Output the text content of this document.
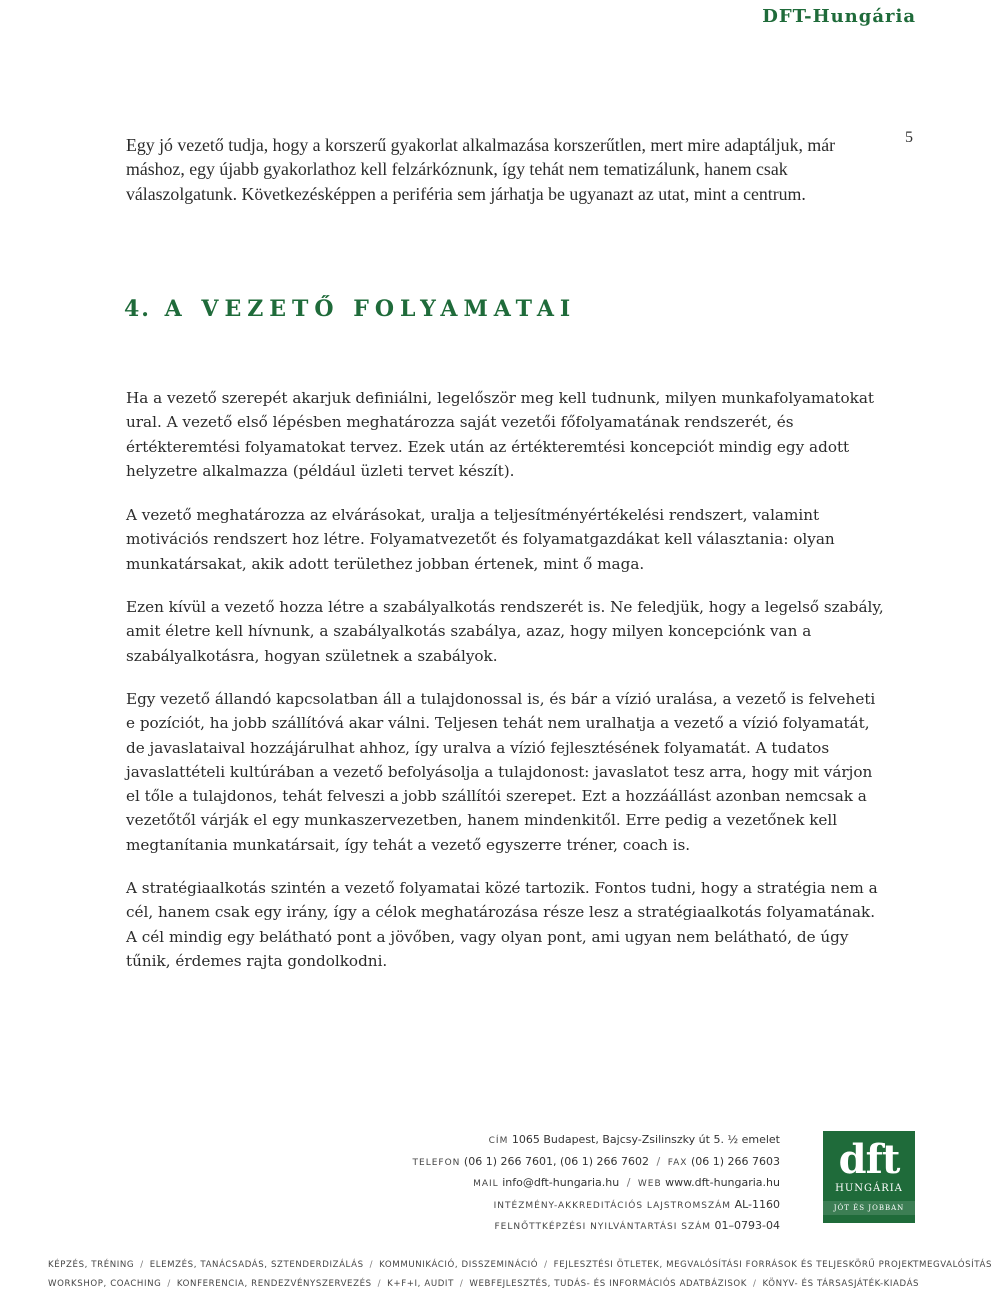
DFT-Hungária
5

Egy jó vezető tudja, hogy a korszerű gyakorlat alkalmazása korszerűtlen, mert mire adaptáljuk, már máshoz, egy újabb gyakorlathoz kell felzárkóznunk, így tehát nem tematizálunk, hanem csak válaszolgatunk. Következésképpen a periféria sem járhatja be ugyanazt az utat, mint a centrum.

4. A VEZETŐ FOLYAMATAI

Ha a vezető szerepét akarjuk definiálni, legelőször meg kell tudnunk, milyen munkafolyamatokat ural. A vezető első lépésben meghatározza saját vezetői főfolyamatának rendszerét, és értékteremtési folyamatokat tervez. Ezek után az értékteremtési koncepciót mindig egy adott helyzetre alkalmazza (például üzleti tervet készít).

A vezető meghatározza az elvárásokat, uralja a teljesítményértékelési rendszert, valamint motivációs rendszert hoz létre. Folyamatvezetőt és folyamatgazdákat kell választania: olyan munkatársakat, akik adott területhez jobban értenek, mint ő maga.

Ezen kívül a vezető hozza létre a szabályalkotás rendszerét is. Ne feledjük, hogy a legelső szabály, amit életre kell hívnunk, a szabályalkotás szabálya, azaz, hogy milyen koncepciónk van a szabályalkotásra, hogyan születnek a szabályok.

Egy vezető állandó kapcsolatban áll a tulajdonossal is, és bár a vízió uralása, a vezető is felveheti e pozíciót, ha jobb szállítóvá akar válni. Teljesen tehát nem uralhatja a vezető a vízió folyamatát, de javaslataival hozzájárulhat ahhoz, így uralva a vízió fejlesztésének folyamatát. A tudatos javaslattételi kultúrában a vezető befolyásolja a tulajdonost: javaslatot tesz arra, hogy mit várjon el tőle a tulajdonos, tehát felveszi a jobb szállítói szerepet. Ezt a hozzáállást azonban nemcsak a vezetőtől várják el egy munkaszervezetben, hanem mindenkitől. Erre pedig a vezetőnek kell megtanítania munkatársait, így tehát a vezető egyszerre tréner, coach is.

A stratégiaalkotás szintén a vezető folyamatai közé tartozik. Fontos tudni, hogy a stratégia nem a cél, hanem csak egy irány, így a célok meghatározása része lesz a stratégiaalkotás folyamatának. A cél mindig egy belátható pont a jövőben, vagy olyan pont, ami ugyan nem belátható, de úgy tűnik, érdemes rajta gondolkodni.

CÍM 1065 Budapest, Bajcsy-Zsilinszky út 5. ½ emelet
TELEFON (06 1) 266 7601, (06 1) 266 7602 / FAX (06 1) 266 7603
MAIL info@dft-hungaria.hu / WEB www.dft-hungaria.hu
INTÉZMÉNY-AKKREDITÁCIÓS LAJSTROMSZÁM AL-1160
FELNŐTTKÉPZÉSI NYILVÁNTARTÁSI SZÁM 01–0793-04
dft
HUNGÁRIA
JÓT ÉS JOBBAN
KÉPZÉS, TRÉNING / ELEMZÉS, TANÁCSADÁS, SZTENDERDIZÁLÁS / KOMMUNIKÁCIÓ, DISSZEMINÁCIÓ / FEJLESZTÉSI ÖTLETEK, MEGVALÓSÍTÁSI FORRÁSOK ÉS TELJESKÖRŰ PROJEKTMEGVALÓSÍTÁS
WORKSHOP, COACHING / KONFERENCIA, RENDEZVÉNYSZERVEZÉS / K+F+I, AUDIT / WEBFEJLESZTÉS, TUDÁS- ÉS INFORMÁCIÓS ADATBÁZISOK / KÖNYV- ÉS TÁRSASJÁTÉK-KIADÁS
